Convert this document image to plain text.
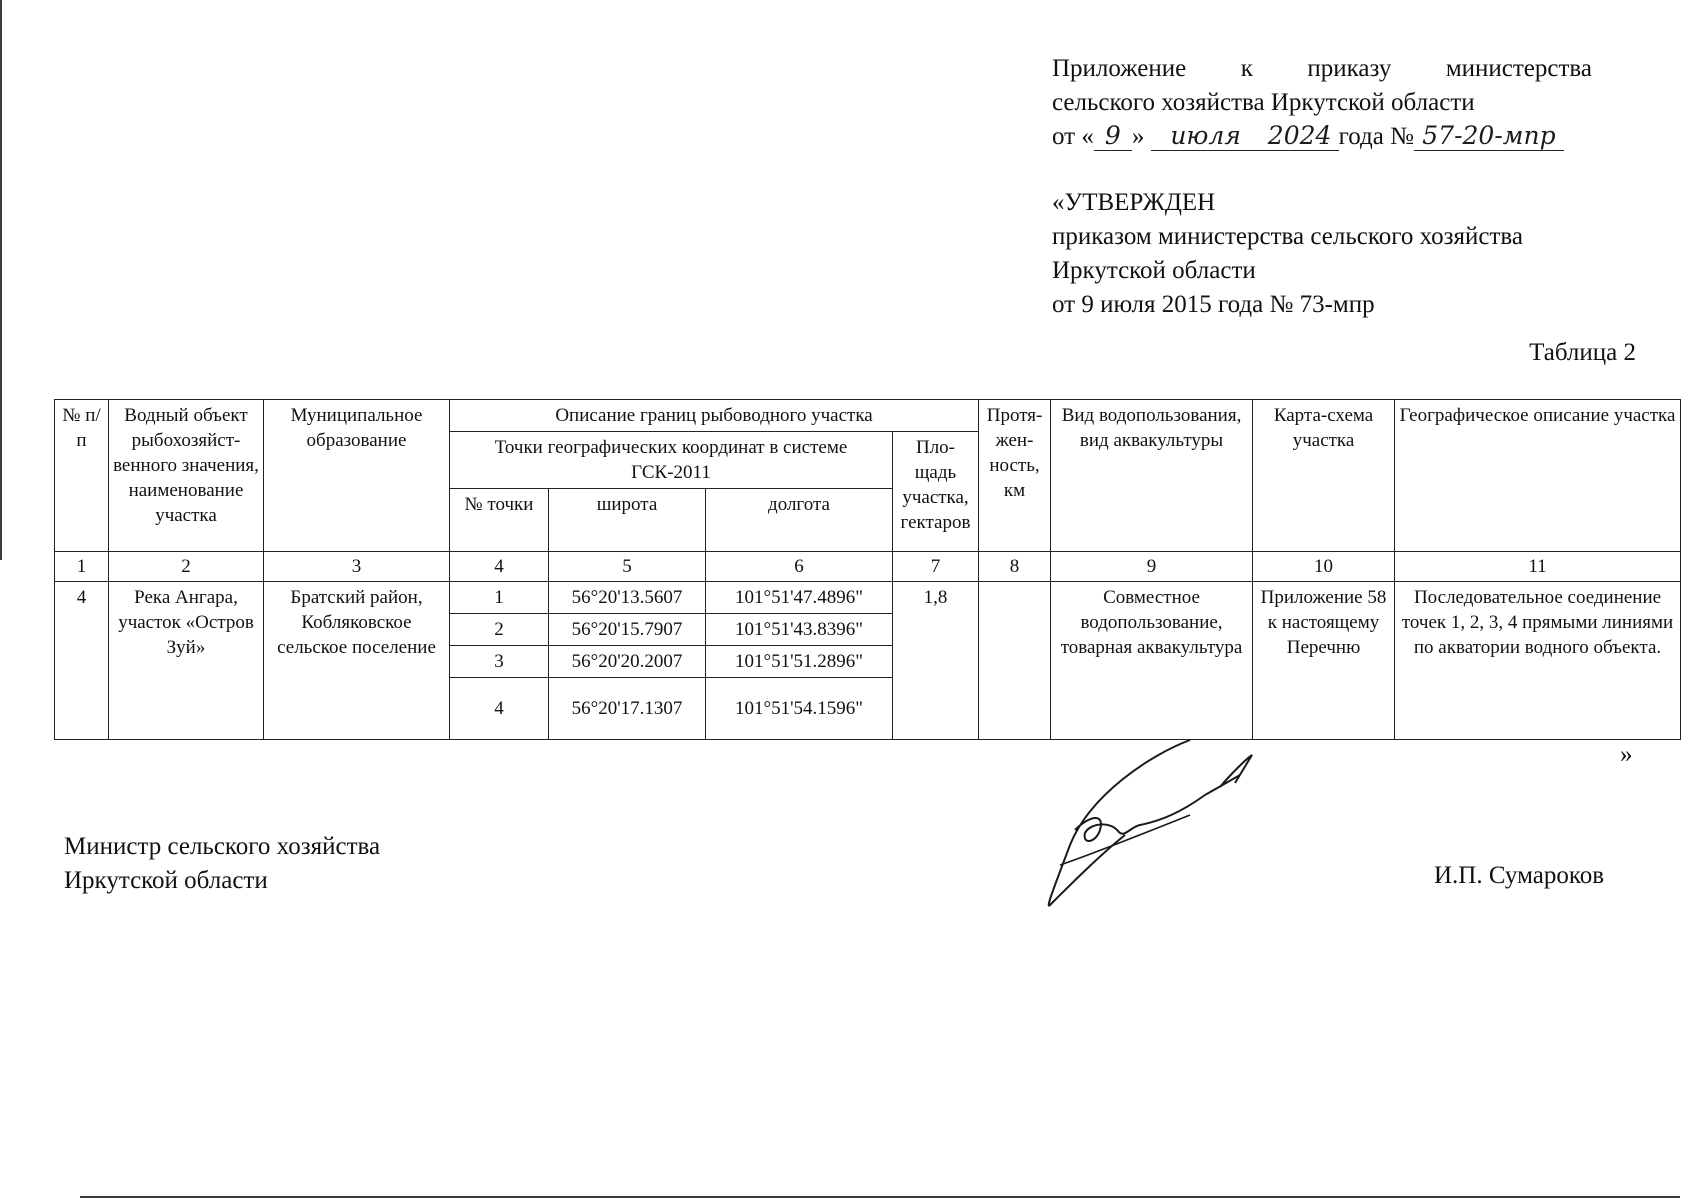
Приложение к приказу министерства
сельского хозяйства Иркутской области
от « 9 » июля 2024 года № 57-20-мпр
«УТВЕРЖДЕН
приказом министерства сельского хозяйства
Иркутской области
от 9 июля 2015 года № 73-мпр
Таблица 2
№ п/п	Водный объект рыбохозяйст-венного значения, наименование участка	Муниципальное образование	Описание границ рыбоводного участка				Протя-жен-ность, км	Вид водопользования, вид аквакультуры	Карта-схема участка	Географическое описание участка
			Точки географических координат в системе ГСК-2011			Пло-щадь участка, гектаров				
			№ точки	широта	долгота					
1	2	3	4	5	6	7	8	9	10	11
4	Река Ангара, участок «Остров Зуй»	Братский район, Кобляковское сельское поселение	1	56°20'13.5607	101°51'47.4896"	1,8		Совместное водопользование, товарная аквакультура	Приложение 58 к настоящему Перечню	Последовательное соединение точек 1, 2, 3, 4 прямыми линиями по акватории водного объекта.
			2	56°20'15.7907	101°51'43.8396"					
			3	56°20'20.2007	101°51'51.2896"					
			4	56°20'17.1307	101°51'54.1596"					
»
Министр сельского хозяйства
Иркутской области	И.П. Сумароков
